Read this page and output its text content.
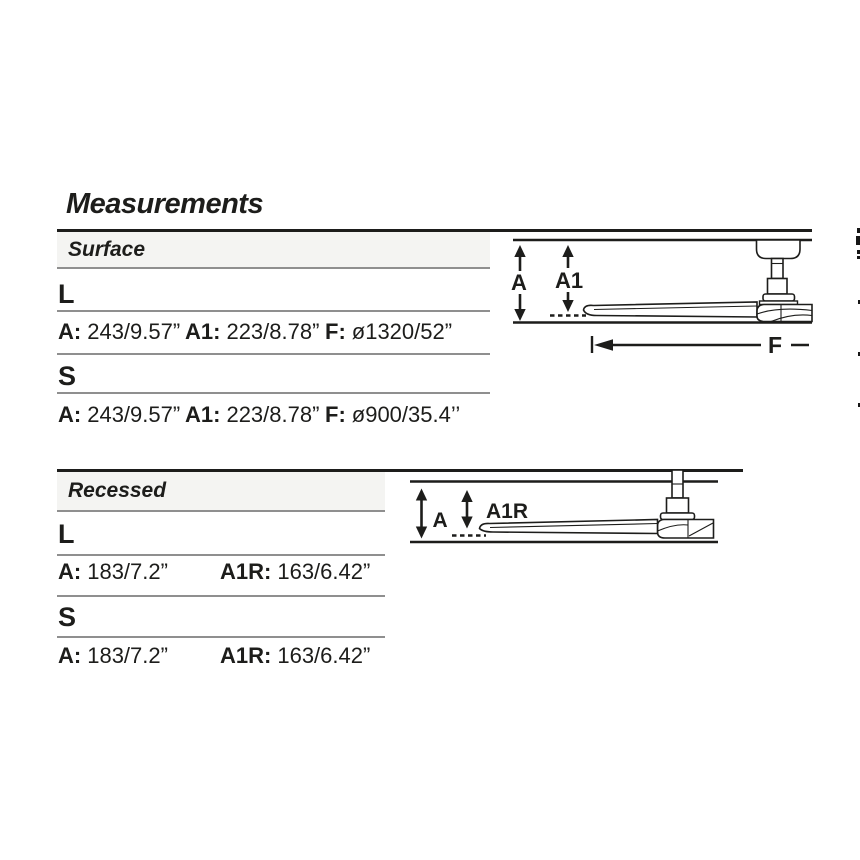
Measurements
Surface
L
A: 243/9.57” A1: 223/8.78” F: ø1320/52”
S
A: 243/9.57” A1: 223/8.78” F: ø900/35.4’’
A A1
F
Recessed
L
A: 183/7.2” A1R: 163/6.42”
S
A: 183/7.2” A1R: 163/6.42”
A A1R
